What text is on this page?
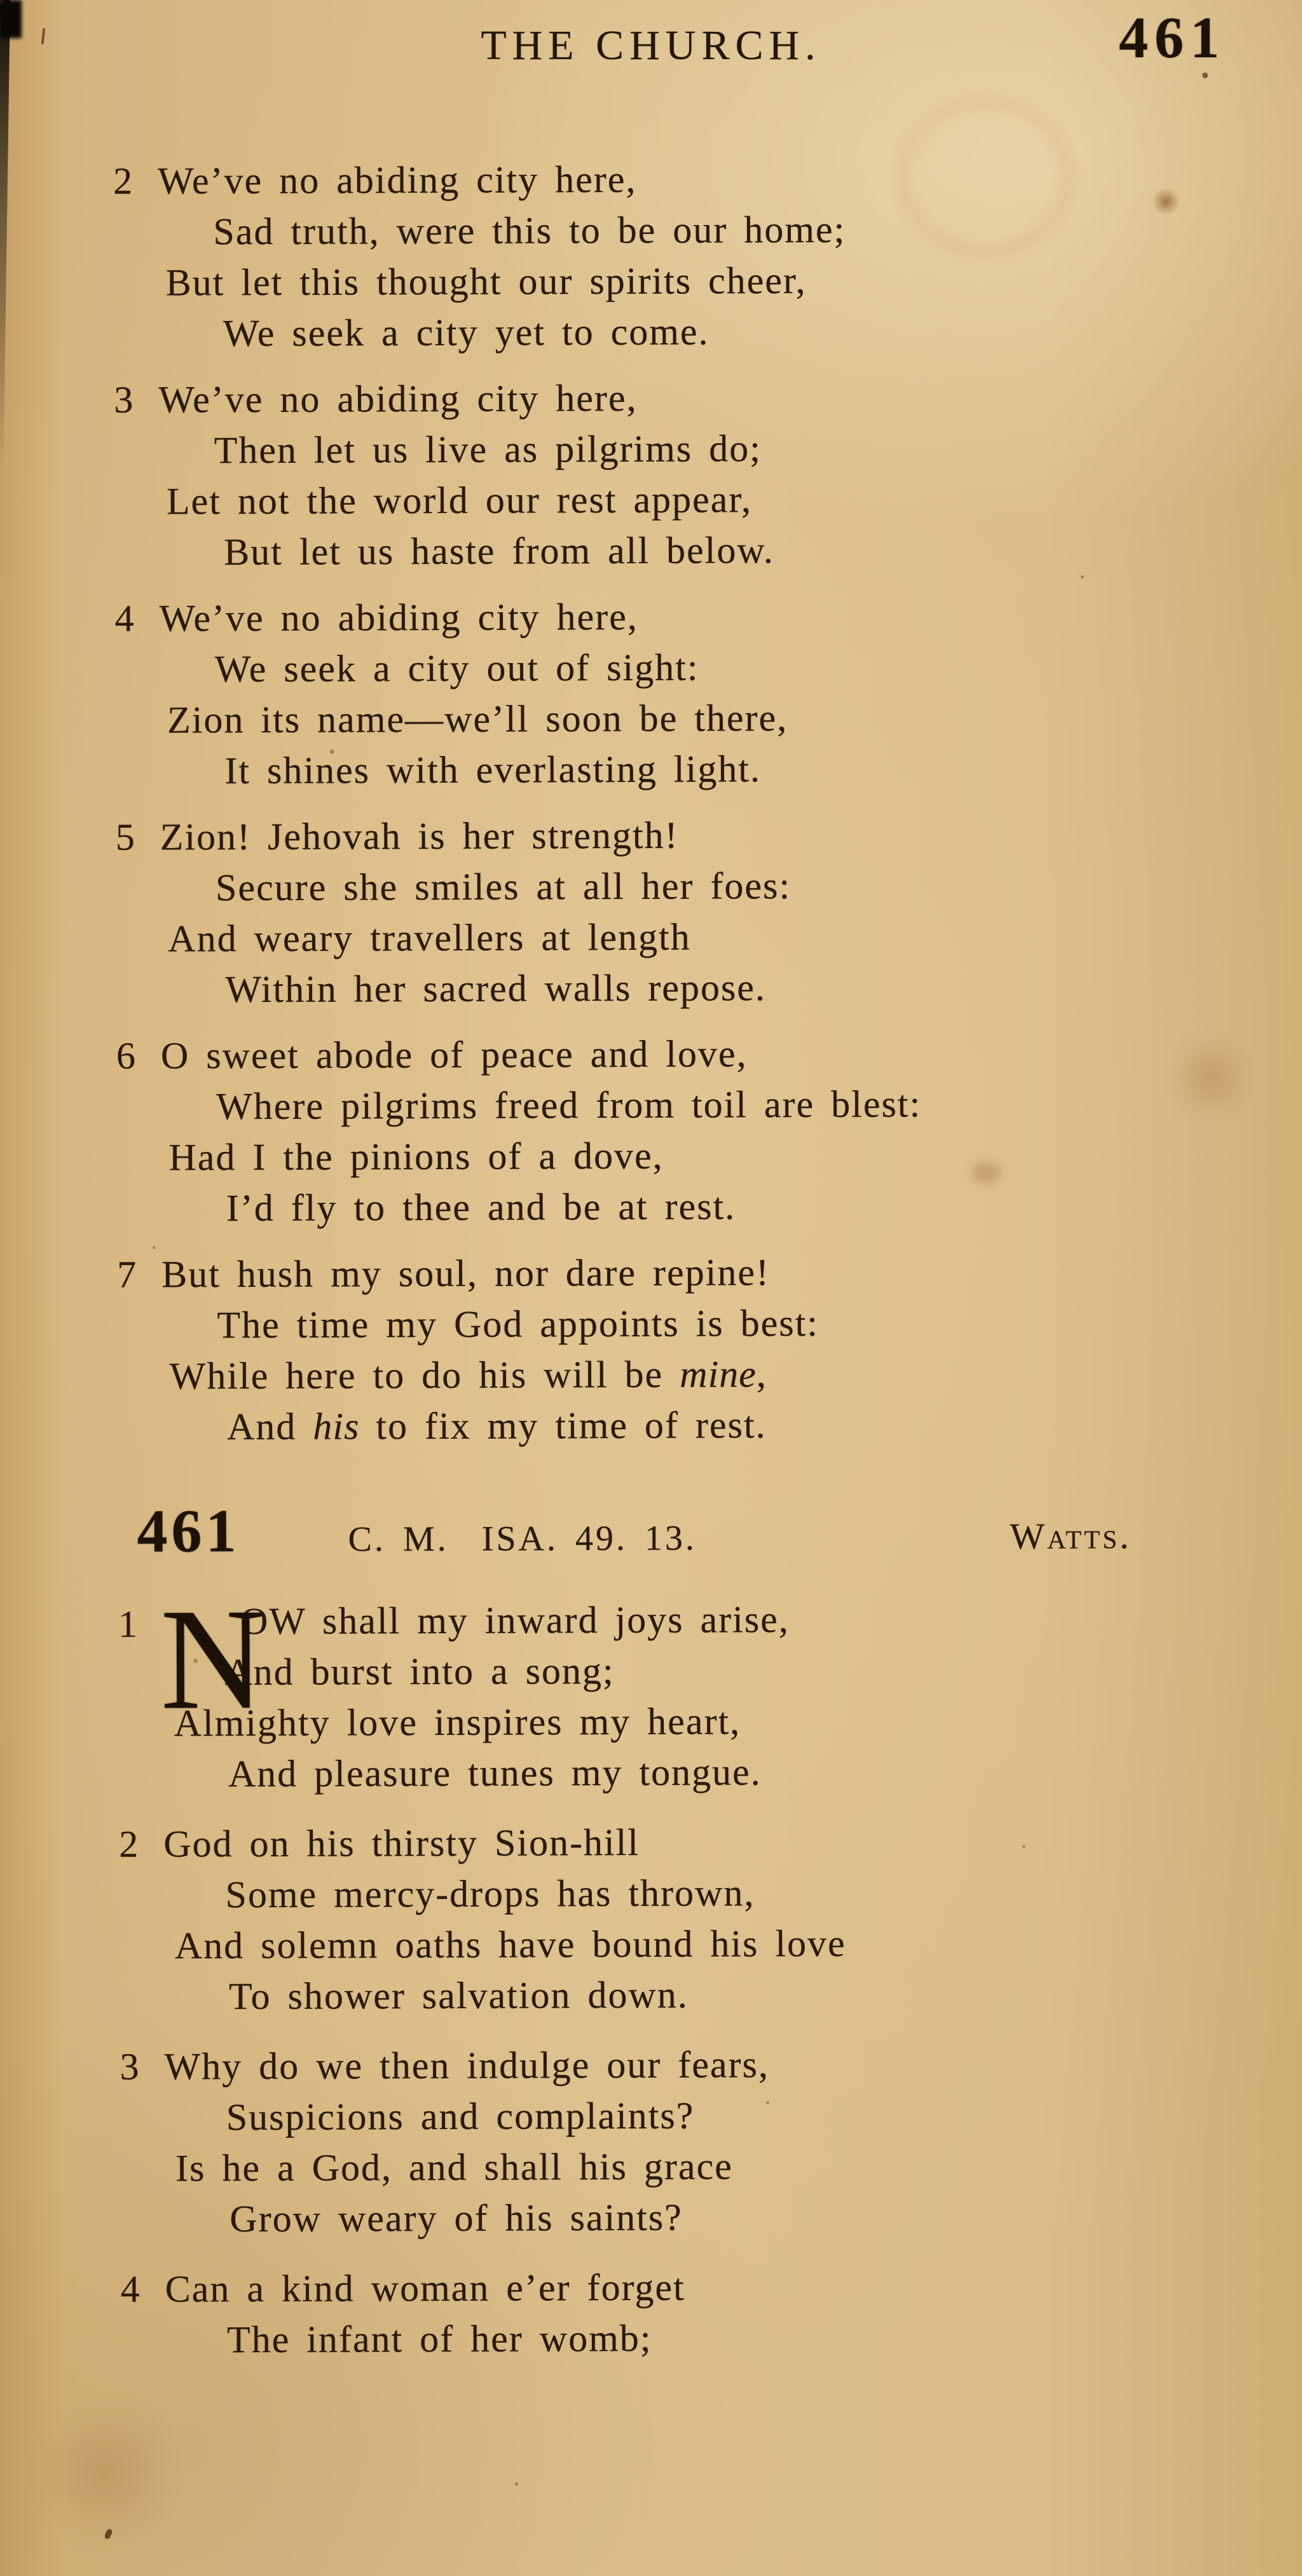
THE CHURCH.	461
2 We’ve no abiding city here,
Sad truth, were this to be our home;
But let this thought our spirits cheer,
We seek a city yet to come.
3 We’ve no abiding city here,
Then let us live as pilgrims do;
Let not the world our rest appear,
But let us haste from all below.
4 We’ve no abiding city here,
We seek a city out of sight:
Zion its name—we’ll soon be there,
It shines with everlasting light.
5 Zion! Jehovah is her strength!
Secure she smiles at all her foes:
And weary travellers at length
Within her sacred walls repose.
6 O sweet abode of peace and love,
Where pilgrims freed from toil are blest:
Had I the pinions of a dove,
I’d fly to thee and be at rest.
7 But hush my soul, nor dare repine!
The time my God appoints is best:
While here to do his will be mine,
And his to fix my time of rest.
461	C. M. ISA. 49. 13.	Watts.
1 N
OW shall my inward joys arise,
And burst into a song;
Almighty love inspires my heart,
And pleasure tunes my tongue.
2 God on his thirsty Sion-hill
Some mercy-drops has thrown,
And solemn oaths have bound his love
To shower salvation down.
3 Why do we then indulge our fears,
Suspicions and complaints?
Is he a God, and shall his grace
Grow weary of his saints?
4 Can a kind woman e’er forget
The infant of her womb;
